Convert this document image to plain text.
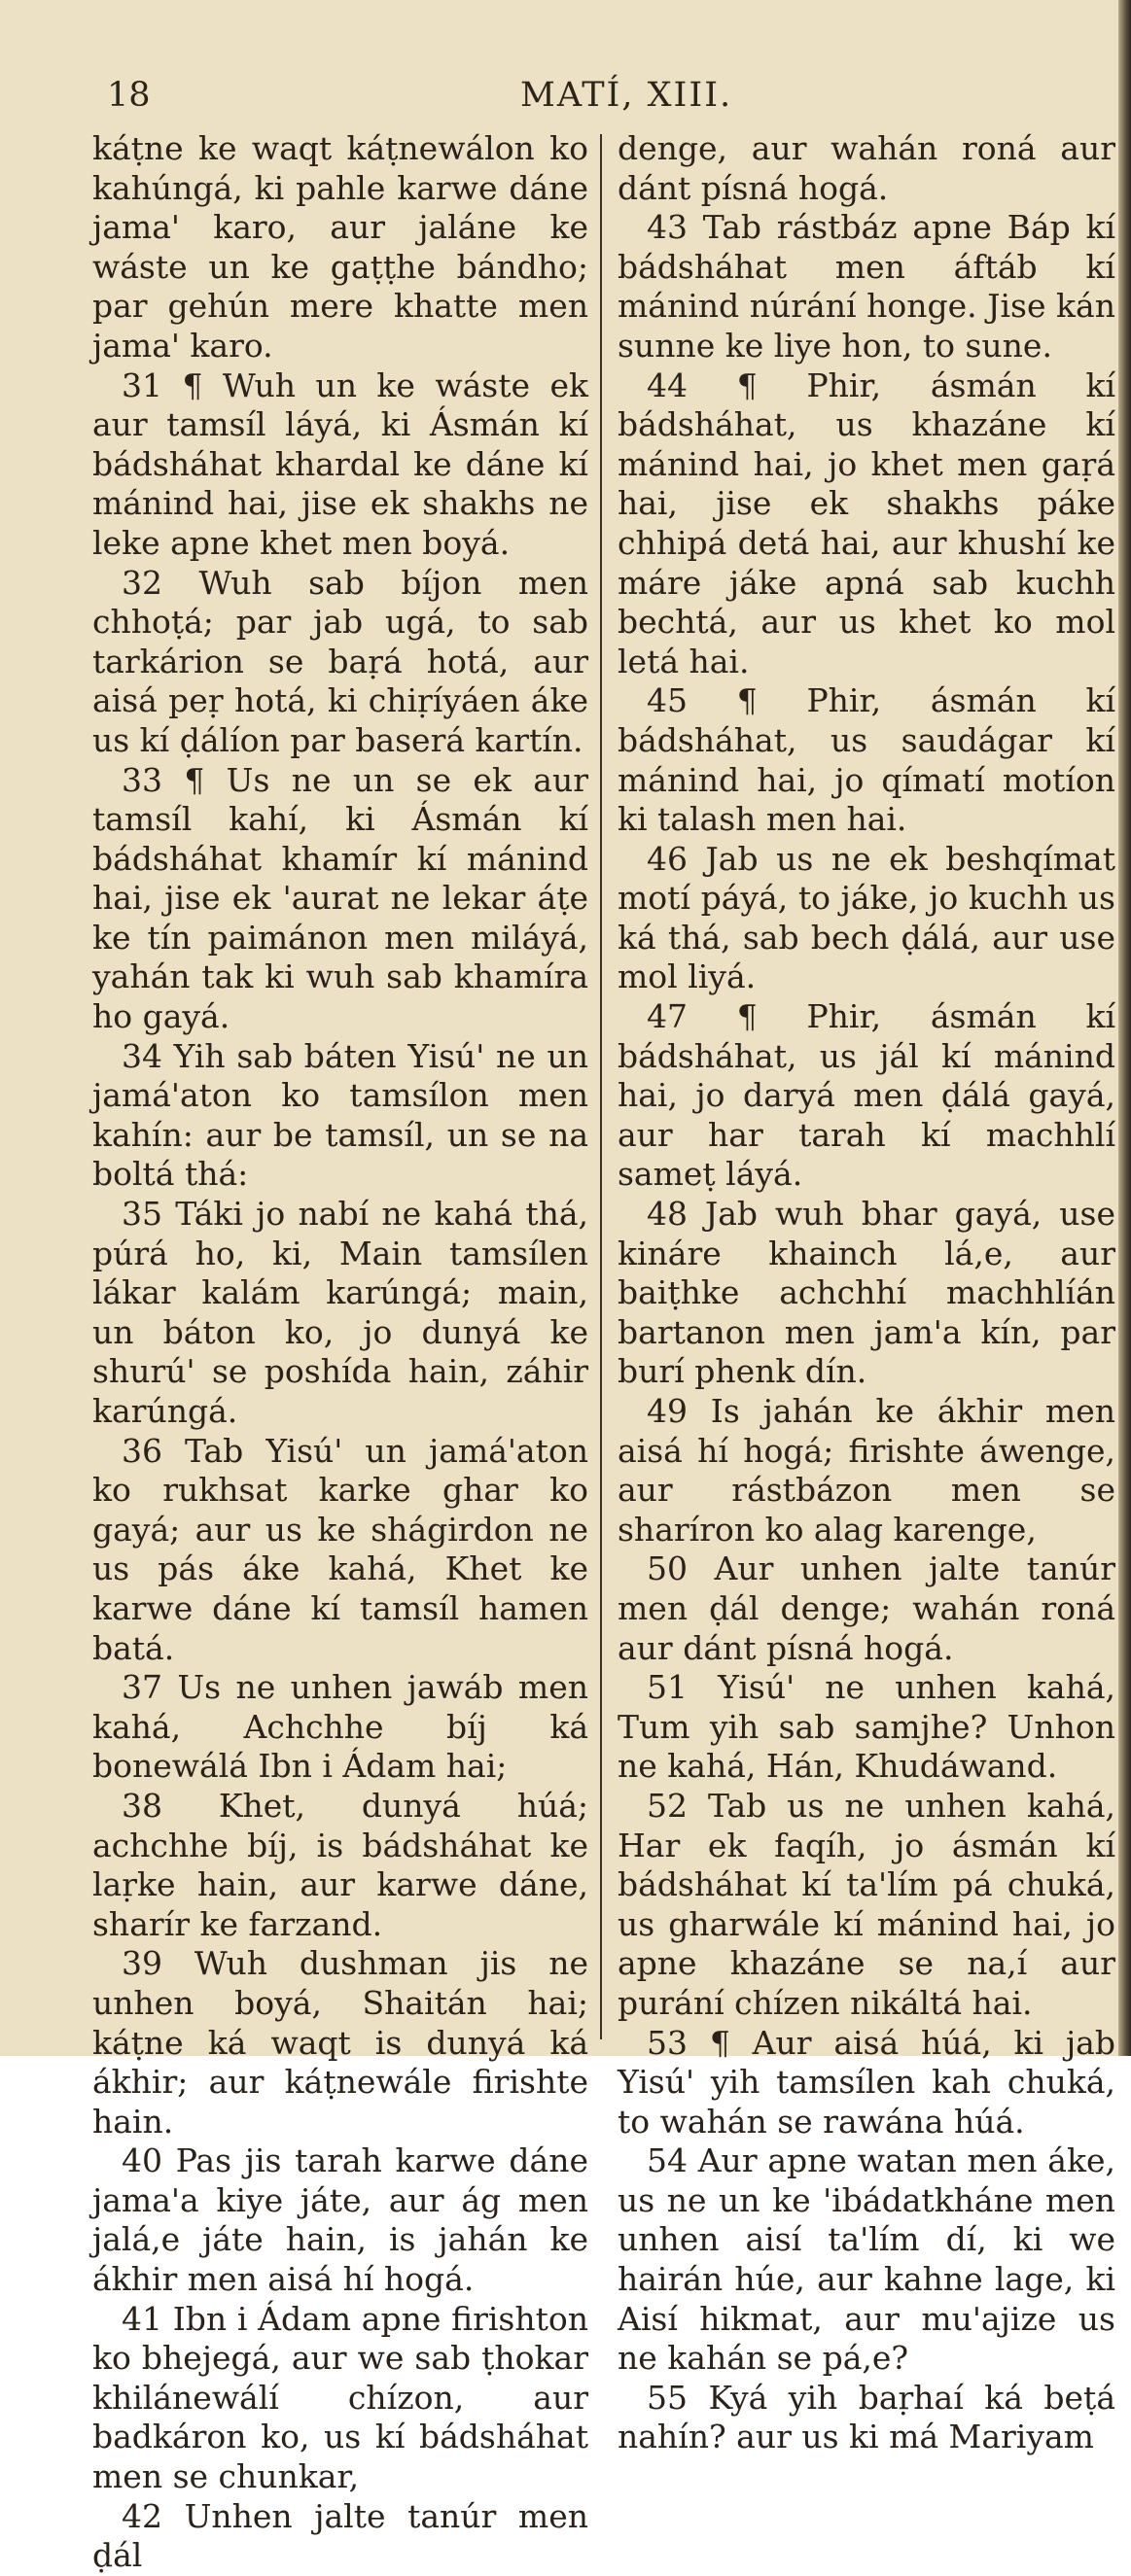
18	MATÍ, XIII.

káṭne ke waqt káṭnewálon ko kahúngá, ki pahle karwe dáne jama' karo, aur jaláne ke wáste un ke gaṭṭhe bándho; par gehún mere khatte men jama' karo.

31 ¶ Wuh un ke wáste ek aur tamsíl láyá, ki Ásmán kí bádsháhat khardal ke dáne kí mánind hai, jise ek shakhs ne leke apne khet men boyá.

32 Wuh sab bíjon men chhoṭá; par jab ugá, to sab tarkárion se baṛá hotá, aur aisá peṛ hotá, ki chiṛíyáen áke us kí ḍálíon par baserá kartín.

33 ¶ Us ne un se ek aur tamsíl kahí, ki Ásmán kí bádsháhat khamír kí mánind hai, jise ek 'aurat ne lekar áṭe ke tín paimánon men miláyá, yahán tak ki wuh sab khamíra ho gayá.

34 Yih sab báten Yisú' ne un jamá'aton ko tamsílon men kahín: aur be tamsíl, un se na boltá thá:

35 Táki jo nabí ne kahá thá, púrá ho, ki, Main tamsílen lákar kalám karúngá; main, un báton ko, jo dunyá ke shurú' se poshída hain, záhir karúngá.

36 Tab Yisú' un jamá'aton ko rukhsat karke ghar ko gayá; aur us ke shágirdon ne us pás áke kahá, Khet ke karwe dáne kí tamsíl hamen batá.

37 Us ne unhen jawáb men kahá, Achchhe bíj ká bonewálá Ibn i Ádam hai;

38 Khet, dunyá húá; achchhe bíj, is bádsháhat ke laṛke hain, aur karwe dáne, sharír ke farzand.

39 Wuh dushman jis ne unhen boyá, Shaitán hai; káṭne ká waqt is dunyá ká ákhir; aur káṭnewále firishte hain.

40 Pas jis tarah karwe dáne jama'a kiye játe, aur ág men jalá,e játe hain, is jahán ke ákhir men aisá hí hogá.

41 Ibn i Ádam apne firishton ko bhejegá, aur we sab ṭhokar khilánewálí chízon, aur badkáron ko, us kí bádsháhat men se chunkar,

42 Unhen jalte tanúr men ḍál

denge, aur wahán roná aur dánt písná hogá.

43 Tab rástbáz apne Báp kí bádsháhat men áftáb kí mánind núrání honge. Jise kán sunne ke liye hon, to sune.

44 ¶ Phir, ásmán kí bádsháhat, us khazáne kí mánind hai, jo khet men gaṛá hai, jise ek shakhs páke chhipá detá hai, aur khushí ke máre jáke apná sab kuchh bechtá, aur us khet ko mol letá hai.

45 ¶ Phir, ásmán kí bádsháhat, us saudágar kí mánind hai, jo qímatí motíon ki talash men hai.

46 Jab us ne ek beshqímat motí páyá, to jáke, jo kuchh us ká thá, sab bech ḍálá, aur use mol liyá.

47 ¶ Phir, ásmán kí bádsháhat, us jál kí mánind hai, jo daryá men ḍálá gayá, aur har tarah kí machhlí sameṭ láyá.

48 Jab wuh bhar gayá, use kináre khainch lá,e, aur baiṭhke achchhí machhlíán bartanon men jam'a kín, par burí phenk dín.

49 Is jahán ke ákhir men aisá hí hogá; firishte áwenge, aur rástbázon men se sharíron ko alag karenge,

50 Aur unhen jalte tanúr men ḍál denge; wahán roná aur dánt písná hogá.

51 Yisú' ne unhen kahá, Tum yih sab samjhe? Unhon ne kahá, Hán, Khudáwand.

52 Tab us ne unhen kahá, Har ek faqíh, jo ásmán kí bádsháhat kí ta'lím pá chuká, us gharwále kí mánind hai, jo apne khazáne se na,í aur purání chízen nikáltá hai.

53 ¶ Aur aisá húá, ki jab Yisú' yih tamsílen kah chuká, to wahán se rawána húá.

54 Aur apne watan men áke, us ne un ke 'ibádatkháne men unhen aisí ta'lím dí, ki we hairán húe, aur kahne lage, ki Aisí hikmat, aur mu'ajize us ne kahán se pá,e?

55 Kyá yih baṛhaí ká beṭá nahín? aur us ki má Mariyam
